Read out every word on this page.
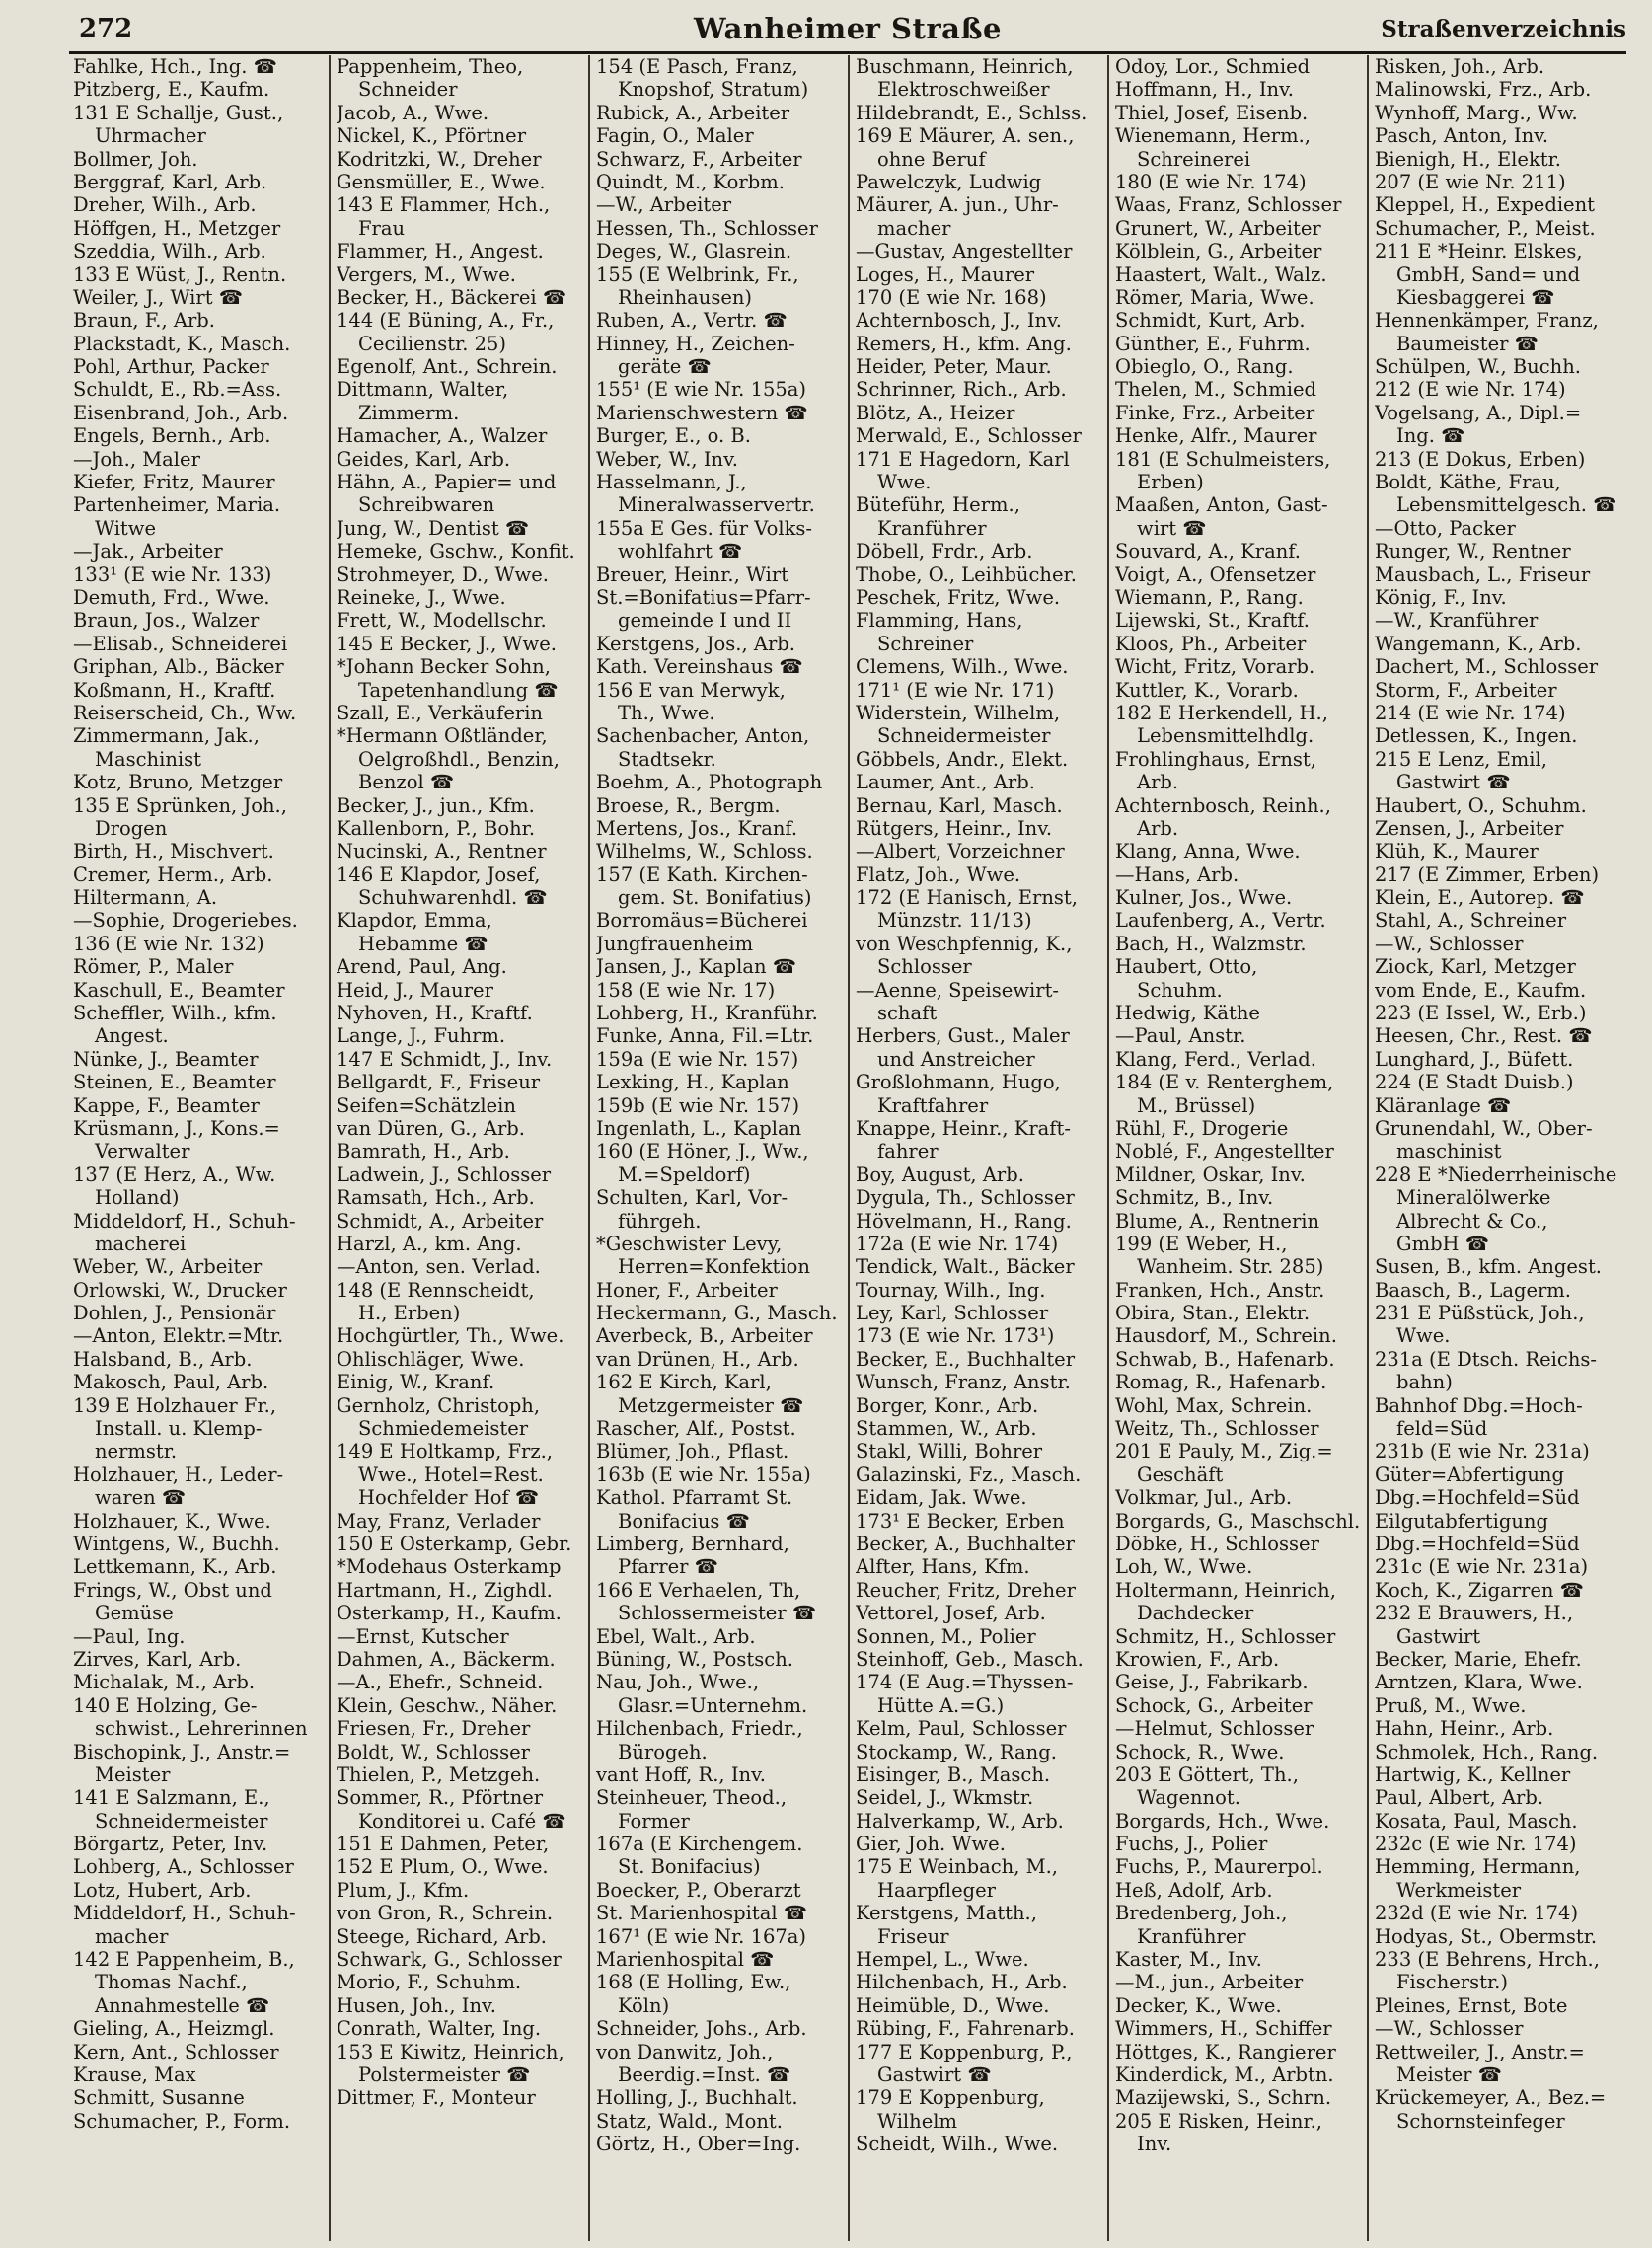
272	Wanheimer Straße	Straßenverzeichnis
Fahlke, Hch., Ing. ☎
Pitzberg, E., Kaufm.
131 E Schallje, Gust.,
Uhrmacher
Bollmer, Joh.
Berggraf, Karl, Arb.
Dreher, Wilh., Arb.
Höffgen, H., Metzger
Szeddia, Wilh., Arb.
133 E Wüst, J., Rentn.
Weiler, J., Wirt ☎
Braun, F., Arb.
Plackstadt, K., Masch.
Pohl, Arthur, Packer
Schuldt, E., Rb.=Ass.
Eisenbrand, Joh., Arb.
Engels, Bernh., Arb.
—Joh., Maler
Kiefer, Fritz, Maurer
Partenheimer, Maria.
Witwe
—Jak., Arbeiter
133¹ (E wie Nr. 133)
Demuth, Frd., Wwe.
Braun, Jos., Walzer
—Elisab., Schneiderei
Griphan, Alb., Bäcker
Koßmann, H., Kraftf.
Reiserscheid, Ch., Ww.
Zimmermann, Jak.,
Maschinist
Kotz, Bruno, Metzger
135 E Sprünken, Joh.,
Drogen
Birth, H., Mischvert.
Cremer, Herm., Arb.
Hiltermann, A.
—Sophie, Drogeriebes.
136 (E wie Nr. 132)
Römer, P., Maler
Kaschull, E., Beamter
Scheffler, Wilh., kfm.
Angest.
Nünke, J., Beamter
Steinen, E., Beamter
Kappe, F., Beamter
Krüsmann, J., Kons.=
Verwalter
137 (E Herz, A., Ww.
Holland)
Middeldorf, H., Schuh-
macherei
Weber, W., Arbeiter
Orlowski, W., Drucker
Dohlen, J., Pensionär
—Anton, Elektr.=Mtr.
Halsband, B., Arb.
Makosch, Paul, Arb.
139 E Holzhauer Fr.,
Install. u. Klemp-
nermstr.
Holzhauer, H., Leder-
waren ☎
Holzhauer, K., Wwe.
Wintgens, W., Buchh.
Lettkemann, K., Arb.
Frings, W., Obst und
Gemüse
—Paul, Ing.
Zirves, Karl, Arb.
Michalak, M., Arb.
140 E Holzing, Ge-
schwist., Lehrerinnen
Bischopink, J., Anstr.=
Meister
141 E Salzmann, E.,
Schneidermeister
Börgartz, Peter, Inv.
Lohberg, A., Schlosser
Lotz, Hubert, Arb.
Middeldorf, H., Schuh-
macher
142 E Pappenheim, B.,
Thomas Nachf.,
Annahmestelle ☎
Gieling, A., Heizmgl.
Kern, Ant., Schlosser
Krause, Max
Schmitt, Susanne
Schumacher, P., Form.
Pappenheim, Theo,
Schneider
Jacob, A., Wwe.
Nickel, K., Pförtner
Kodritzki, W., Dreher
Gensmüller, E., Wwe.
143 E Flammer, Hch.,
Frau
Flammer, H., Angest.
Vergers, M., Wwe.
Becker, H., Bäckerei ☎
144 (E Büning, A., Fr.,
Cecilienstr. 25)
Egenolf, Ant., Schrein.
Dittmann, Walter,
Zimmerm.
Hamacher, A., Walzer
Geides, Karl, Arb.
Hähn, A., Papier= und
Schreibwaren
Jung, W., Dentist ☎
Hemeke, Gschw., Konfit.
Strohmeyer, D., Wwe.
Reineke, J., Wwe.
Frett, W., Modellschr.
145 E Becker, J., Wwe.
*Johann Becker Sohn,
Tapetenhandlung ☎
Szall, E., Verkäuferin
*Hermann Oßtländer,
Oelgroßhdl., Benzin,
Benzol ☎
Becker, J., jun., Kfm.
Kallenborn, P., Bohr.
Nucinski, A., Rentner
146 E Klapdor, Josef,
Schuhwarenhdl. ☎
Klapdor, Emma,
Hebamme ☎
Arend, Paul, Ang.
Heid, J., Maurer
Nyhoven, H., Kraftf.
Lange, J., Fuhrm.
147 E Schmidt, J., Inv.
Bellgardt, F., Friseur
Seifen=Schätzlein
van Düren, G., Arb.
Bamrath, H., Arb.
Ladwein, J., Schlosser
Ramsath, Hch., Arb.
Schmidt, A., Arbeiter
Harzl, A., km. Ang.
—Anton, sen. Verlad.
148 (E Rennscheidt,
H., Erben)
Hochgürtler, Th., Wwe.
Ohlischläger, Wwe.
Einig, W., Kranf.
Gernholz, Christoph,
Schmiedemeister
149 E Holtkamp, Frz.,
Wwe., Hotel=Rest.
Hochfelder Hof ☎
May, Franz, Verlader
150 E Osterkamp, Gebr.
*Modehaus Osterkamp
Hartmann, H., Zighdl.
Osterkamp, H., Kaufm.
—Ernst, Kutscher
Dahmen, A., Bäckerm.
—A., Ehefr., Schneid.
Klein, Geschw., Näher.
Friesen, Fr., Dreher
Boldt, W., Schlosser
Thielen, P., Metzgeh.
Sommer, R., Pförtner
Konditorei u. Café ☎
151 E Dahmen, Peter,
152 E Plum, O., Wwe.
Plum, J., Kfm.
von Gron, R., Schrein.
Steege, Richard, Arb.
Schwark, G., Schlosser
Morio, F., Schuhm.
Husen, Joh., Inv.
Conrath, Walter, Ing.
153 E Kiwitz, Heinrich,
Polstermeister ☎
Dittmer, F., Monteur
154 (E Pasch, Franz,
Knopshof, Stratum)
Rubick, A., Arbeiter
Fagin, O., Maler
Schwarz, F., Arbeiter
Quindt, M., Korbm.
—W., Arbeiter
Hessen, Th., Schlosser
Deges, W., Glasrein.
155 (E Welbrink, Fr.,
Rheinhausen)
Ruben, A., Vertr. ☎
Hinney, H., Zeichen-
geräte ☎
155¹ (E wie Nr. 155a)
Marienschwestern ☎
Burger, E., o. B.
Weber, W., Inv.
Hasselmann, J.,
Mineralwasservertr.
155a E Ges. für Volks-
wohlfahrt ☎
Breuer, Heinr., Wirt
St.=Bonifatius=Pfarr-
gemeinde I und II
Kerstgens, Jos., Arb.
Kath. Vereinshaus ☎
156 E van Merwyk,
Th., Wwe.
Sachenbacher, Anton,
Stadtsekr.
Boehm, A., Photograph
Broese, R., Bergm.
Mertens, Jos., Kranf.
Wilhelms, W., Schloss.
157 (E Kath. Kirchen-
gem. St. Bonifatius)
Borromäus=Bücherei
Jungfrauenheim
Jansen, J., Kaplan ☎
158 (E wie Nr. 17)
Lohberg, H., Kranführ.
Funke, Anna, Fil.=Ltr.
159a (E wie Nr. 157)
Lexking, H., Kaplan
159b (E wie Nr. 157)
Ingenlath, L., Kaplan
160 (E Höner, J., Ww.,
M.=Speldorf)
Schulten, Karl, Vor-
führgeh.
*Geschwister Levy,
Herren=Konfektion
Honer, F., Arbeiter
Heckermann, G., Masch.
Averbeck, B., Arbeiter
van Drünen, H., Arb.
162 E Kirch, Karl,
Metzgermeister ☎
Rascher, Alf., Postst.
Blümer, Joh., Pflast.
163b (E wie Nr. 155a)
Kathol. Pfarramt St.
Bonifacius ☎
Limberg, Bernhard,
Pfarrer ☎
166 E Verhaelen, Th,
Schlossermeister ☎
Ebel, Walt., Arb.
Büning, W., Postsch.
Nau, Joh., Wwe.,
Glasr.=Unternehm.
Hilchenbach, Friedr.,
Bürogeh.
vant Hoff, R., Inv.
Steinheuer, Theod.,
Former
167a (E Kirchengem.
St. Bonifacius)
Boecker, P., Oberarzt
St. Marienhospital ☎
167¹ (E wie Nr. 167a)
Marienhospital ☎
168 (E Holling, Ew.,
Köln)
Schneider, Johs., Arb.
von Danwitz, Joh.,
Beerdig.=Inst. ☎
Holling, J., Buchhalt.
Statz, Wald., Mont.
Görtz, H., Ober=Ing.
Buschmann, Heinrich,
Elektroschweißer
Hildebrandt, E., Schlss.
169 E Mäurer, A. sen.,
ohne Beruf
Pawelczyk, Ludwig
Mäurer, A. jun., Uhr-
macher
—Gustav, Angestellter
Loges, H., Maurer
170 (E wie Nr. 168)
Achternbosch, J., Inv.
Remers, H., kfm. Ang.
Heider, Peter, Maur.
Schrinner, Rich., Arb.
Blötz, A., Heizer
Merwald, E., Schlosser
171 E Hagedorn, Karl
Wwe.
Büteführ, Herm.,
Kranführer
Döbell, Frdr., Arb.
Thobe, O., Leihbücher.
Peschek, Fritz, Wwe.
Flamming, Hans,
Schreiner
Clemens, Wilh., Wwe.
171¹ (E wie Nr. 171)
Widerstein, Wilhelm,
Schneidermeister
Göbbels, Andr., Elekt.
Laumer, Ant., Arb.
Bernau, Karl, Masch.
Rütgers, Heinr., Inv.
—Albert, Vorzeichner
Flatz, Joh., Wwe.
172 (E Hanisch, Ernst,
Münzstr. 11/13)
von Weschpfennig, K.,
Schlosser
—Aenne, Speisewirt-
schaft
Herbers, Gust., Maler
und Anstreicher
Großlohmann, Hugo,
Kraftfahrer
Knappe, Heinr., Kraft-
fahrer
Boy, August, Arb.
Dygula, Th., Schlosser
Hövelmann, H., Rang.
172a (E wie Nr. 174)
Tendick, Walt., Bäcker
Tournay, Wilh., Ing.
Ley, Karl, Schlosser
173 (E wie Nr. 173¹)
Becker, E., Buchhalter
Wunsch, Franz, Anstr.
Borger, Konr., Arb.
Stammen, W., Arb.
Stakl, Willi, Bohrer
Galazinski, Fz., Masch.
Eidam, Jak. Wwe.
173¹ E Becker, Erben
Becker, A., Buchhalter
Alfter, Hans, Kfm.
Reucher, Fritz, Dreher
Vettorel, Josef, Arb.
Sonnen, M., Polier
Steinhoff, Geb., Masch.
174 (E Aug.=Thyssen-
Hütte A.=G.)
Kelm, Paul, Schlosser
Stockamp, W., Rang.
Eisinger, B., Masch.
Seidel, J., Wkmstr.
Halverkamp, W., Arb.
Gier, Joh. Wwe.
175 E Weinbach, M.,
Haarpfleger
Kerstgens, Matth.,
Friseur
Hempel, L., Wwe.
Hilchenbach, H., Arb.
Heimüble, D., Wwe.
Rübing, F., Fahrenarb.
177 E Koppenburg, P.,
Gastwirt ☎
179 E Koppenburg,
Wilhelm
Scheidt, Wilh., Wwe.
Odoy, Lor., Schmied
Hoffmann, H., Inv.
Thiel, Josef, Eisenb.
Wienemann, Herm.,
Schreinerei
180 (E wie Nr. 174)
Waas, Franz, Schlosser
Grunert, W., Arbeiter
Kölblein, G., Arbeiter
Haastert, Walt., Walz.
Römer, Maria, Wwe.
Schmidt, Kurt, Arb.
Günther, E., Fuhrm.
Obieglo, O., Rang.
Thelen, M., Schmied
Finke, Frz., Arbeiter
Henke, Alfr., Maurer
181 (E Schulmeisters,
Erben)
Maaßen, Anton, Gast-
wirt ☎
Souvard, A., Kranf.
Voigt, A., Ofensetzer
Wiemann, P., Rang.
Lijewski, St., Kraftf.
Kloos, Ph., Arbeiter
Wicht, Fritz, Vorarb.
Kuttler, K., Vorarb.
182 E Herkendell, H.,
Lebensmittelhdlg.
Frohlinghaus, Ernst,
Arb.
Achternbosch, Reinh.,
Arb.
Klang, Anna, Wwe.
—Hans, Arb.
Kulner, Jos., Wwe.
Laufenberg, A., Vertr.
Bach, H., Walzmstr.
Haubert, Otto,
Schuhm.
Hedwig, Käthe
—Paul, Anstr.
Klang, Ferd., Verlad.
184 (E v. Renterghem,
M., Brüssel)
Rühl, F., Drogerie
Noblé, F., Angestellter
Mildner, Oskar, Inv.
Schmitz, B., Inv.
Blume, A., Rentnerin
199 (E Weber, H.,
Wanheim. Str. 285)
Franken, Hch., Anstr.
Obira, Stan., Elektr.
Hausdorf, M., Schrein.
Schwab, B., Hafenarb.
Romag, R., Hafenarb.
Wohl, Max, Schrein.
Weitz, Th., Schlosser
201 E Pauly, M., Zig.=
Geschäft
Volkmar, Jul., Arb.
Borgards, G., Maschschl.
Döbke, H., Schlosser
Loh, W., Wwe.
Holtermann, Heinrich,
Dachdecker
Schmitz, H., Schlosser
Krowien, F., Arb.
Geise, J., Fabrikarb.
Schock, G., Arbeiter
—Helmut, Schlosser
Schock, R., Wwe.
203 E Göttert, Th.,
Wagennot.
Borgards, Hch., Wwe.
Fuchs, J., Polier
Fuchs, P., Maurerpol.
Heß, Adolf, Arb.
Bredenberg, Joh.,
Kranführer
Kaster, M., Inv.
—M., jun., Arbeiter
Decker, K., Wwe.
Wimmers, H., Schiffer
Höttges, K., Rangierer
Kinderdick, M., Arbtn.
Mazijewski, S., Schrn.
205 E Risken, Heinr.,
Inv.
Risken, Joh., Arb.
Malinowski, Frz., Arb.
Wynhoff, Marg., Ww.
Pasch, Anton, Inv.
Bienigh, H., Elektr.
207 (E wie Nr. 211)
Kleppel, H., Expedient
Schumacher, P., Meist.
211 E *Heinr. Elskes,
GmbH, Sand= und
Kiesbaggerei ☎
Hennenkämper, Franz,
Baumeister ☎
Schülpen, W., Buchh.
212 (E wie Nr. 174)
Vogelsang, A., Dipl.=
Ing. ☎
213 (E Dokus, Erben)
Boldt, Käthe, Frau,
Lebensmittelgesch. ☎
—Otto, Packer
Runger, W., Rentner
Mausbach, L., Friseur
König, F., Inv.
—W., Kranführer
Wangemann, K., Arb.
Dachert, M., Schlosser
Storm, F., Arbeiter
214 (E wie Nr. 174)
Detlessen, K., Ingen.
215 E Lenz, Emil,
Gastwirt ☎
Haubert, O., Schuhm.
Zensen, J., Arbeiter
Klüh, K., Maurer
217 (E Zimmer, Erben)
Klein, E., Autorep. ☎
Stahl, A., Schreiner
—W., Schlosser
Ziock, Karl, Metzger
vom Ende, E., Kaufm.
223 (E Issel, W., Erb.)
Heesen, Chr., Rest. ☎
Lunghard, J., Büfett.
224 (E Stadt Duisb.)
Kläranlage ☎
Grunendahl, W., Ober-
maschinist
228 E *Niederrheinische
Mineralölwerke
Albrecht & Co.,
GmbH ☎
Susen, B., kfm. Angest.
Baasch, B., Lagerm.
231 E Püßstück, Joh.,
Wwe.
231a (E Dtsch. Reichs-
bahn)
Bahnhof Dbg.=Hoch-
feld=Süd
231b (E wie Nr. 231a)
Güter=Abfertigung
Dbg.=Hochfeld=Süd
Eilgutabfertigung
Dbg.=Hochfeld=Süd
231c (E wie Nr. 231a)
Koch, K., Zigarren ☎
232 E Brauwers, H.,
Gastwirt
Becker, Marie, Ehefr.
Arntzen, Klara, Wwe.
Pruß, M., Wwe.
Hahn, Heinr., Arb.
Schmolek, Hch., Rang.
Hartwig, K., Kellner
Paul, Albert, Arb.
Kosata, Paul, Masch.
232c (E wie Nr. 174)
Hemming, Hermann,
Werkmeister
232d (E wie Nr. 174)
Hodyas, St., Obermstr.
233 (E Behrens, Hrch.,
Fischerstr.)
Pleines, Ernst, Bote
—W., Schlosser
Rettweiler, J., Anstr.=
Meister ☎
Krückemeyer, A., Bez.=
Schornsteinfeger
